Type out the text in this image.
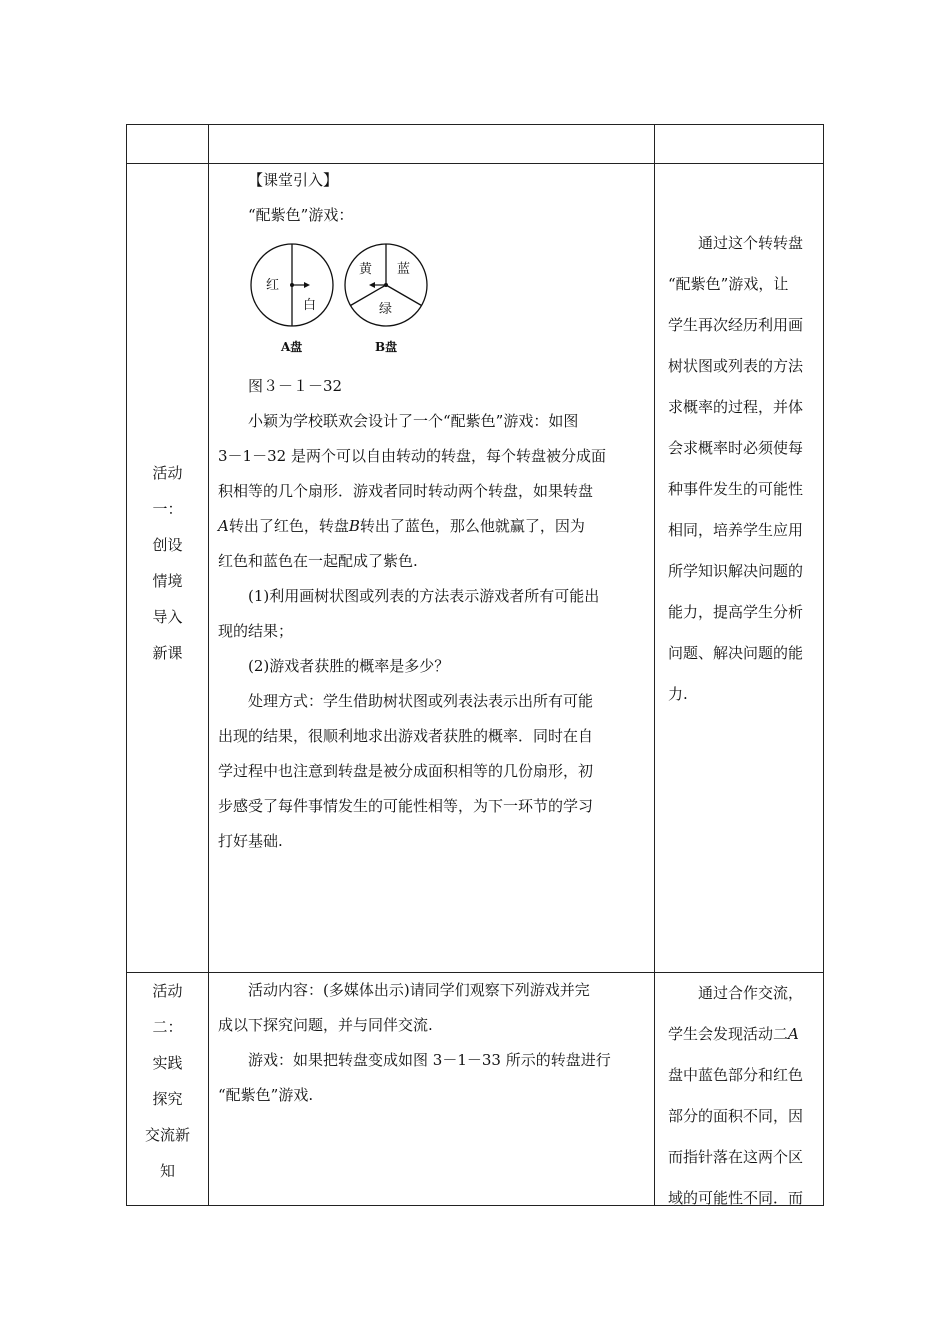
活动
一：
创设
情境
导入
新课

【课堂引入】

“配紫色”游戏：

红
白
A盘
黄 蓝
绿
B盘

图３－１－32

小颖为学校联欢会设计了一个“配紫色”游戏：如图

3－1－32 是两个可以自由转动的转盘，每个转盘被分成面

积相等的几个扇形．游戏者同时转动两个转盘，如果转盘

A转出了红色，转盘B转出了蓝色，那么他就赢了，因为

红色和蓝色在一起配成了紫色.

(1)利用画树状图或列表的方法表示游戏者所有可能出

现的结果；

(2)游戏者获胜的概率是多少？

处理方式：学生借助树状图或列表法表示出所有可能

出现的结果，很顺利地求出游戏者获胜的概率．同时在自

学过程中也注意到转盘是被分成面积相等的几份扇形，初

步感受了每件事情发生的可能性相等，为下一环节的学习

打好基础.

通过这个转转盘

“配紫色”游戏，让

学生再次经历利用画

树状图或列表的方法

求概率的过程，并体

会求概率时必须使每

种事件发生的可能性

相同，培养学生应用

所学知识解决问题的

能力，提高学生分析

问题、解决问题的能

力.

活动
二：
实践
探究
交流新
知

活动内容：(多媒体出示)请同学们观察下列游戏并完

成以下探究问题，并与同伴交流.

游戏：如果把转盘变成如图 3－1－33 所示的转盘进行

“配紫色”游戏.

通过合作交流，

学生会发现活动二A

盘中蓝色部分和红色

部分的面积不同，因

而指针落在这两个区

域的可能性不同．而
